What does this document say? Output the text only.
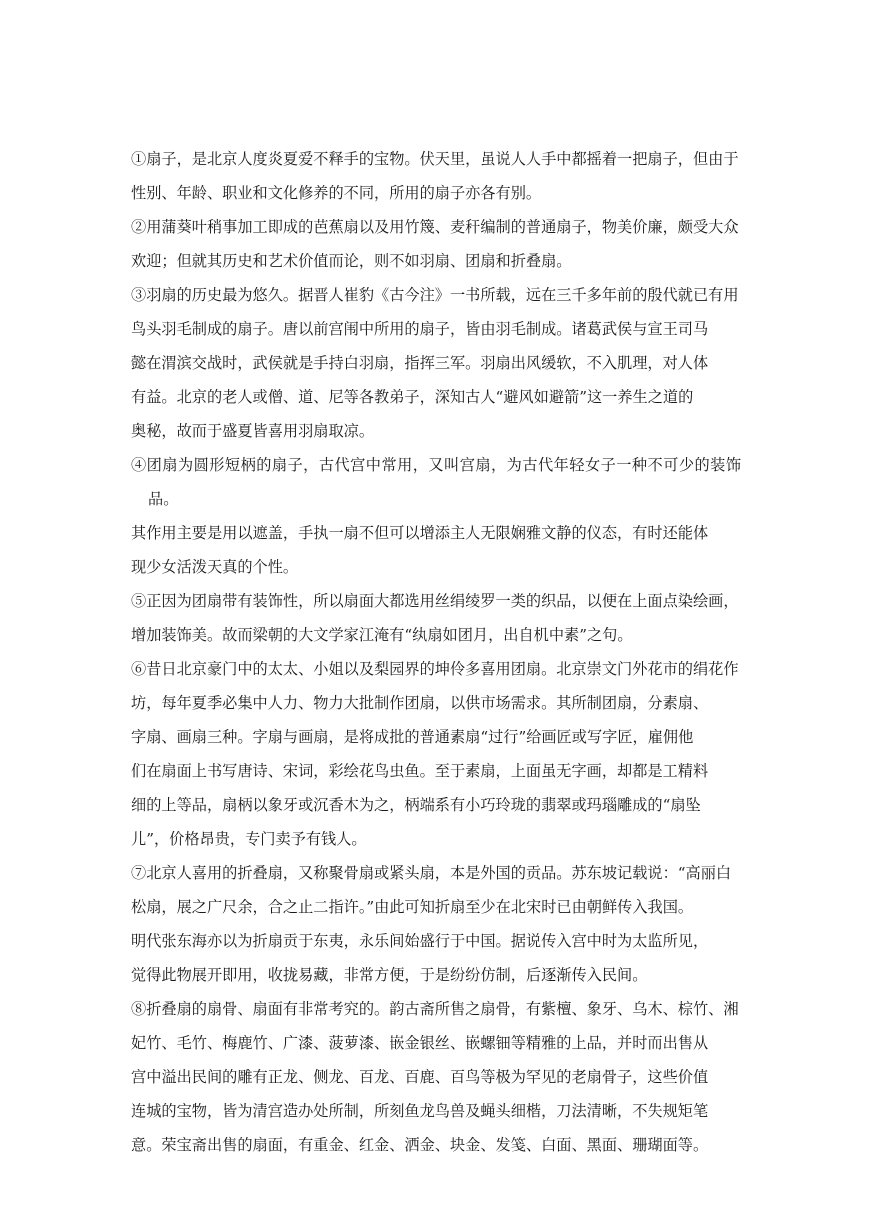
①扇子，是北京人度炎夏爱不释手的宝物。伏天里，虽说人人手中都摇着一把扇子，但由于
性别、年龄、职业和文化修养的不同，所用的扇子亦各有别。

②用蒲葵叶稍事加工即成的芭蕉扇以及用竹篾、麦秆编制的普通扇子，物美价廉，颇受大众
欢迎；但就其历史和艺术价值而论，则不如羽扇、团扇和折叠扇。

③羽扇的历史最为悠久。据晋人崔豹《古今注》一书所载，远在三千多年前的殷代就已有用
鸟头羽毛制成的扇子。唐以前宫闱中所用的扇子，皆由羽毛制成。诸葛武侯与宣王司马
懿在渭滨交战时，武侯就是手持白羽扇，指挥三军。羽扇出风缓软，不入肌理，对人体
有益。北京的老人或僧、道、尼等各教弟子，深知古人“避风如避箭”这一养生之道的
奥秘，故而于盛夏皆喜用羽扇取凉。

④团扇为圆形短柄的扇子，古代宫中常用，又叫宫扇，为古代年轻女子一种不可少的装饰品。
其作用主要是用以遮盖，手执一扇不但可以增添主人无限娴雅文静的仪态，有时还能体
现少女活泼天真的个性。

⑤正因为团扇带有装饰性，所以扇面大都选用丝绢绫罗一类的织品，以便在上面点染绘画，
增加装饰美。故而梁朝的大文学家江淹有“纨扇如团月，出自机中素”之句。

⑥昔日北京豪门中的太太、小姐以及梨园界的坤伶多喜用团扇。北京崇文门外花市的绢花作
坊，每年夏季必集中人力、物力大批制作团扇，以供市场需求。其所制团扇，分素扇、
字扇、画扇三种。字扇与画扇，是将成批的普通素扇“过行”给画匠或写字匠，雇佣他
们在扇面上书写唐诗、宋词，彩绘花鸟虫鱼。至于素扇，上面虽无字画，却都是工精料
细的上等品，扇柄以象牙或沉香木为之，柄端系有小巧玲珑的翡翠或玛瑙雕成的“扇坠
儿”，价格昂贵，专门卖予有钱人。

⑦北京人喜用的折叠扇，又称聚骨扇或紧头扇，本是外国的贡品。苏东坡记载说：“高丽白
松扇，展之广尺余，合之止二指许。”由此可知折扇至少在北宋时已由朝鲜传入我国。
明代张东海亦以为折扇贡于东夷，永乐间始盛行于中国。据说传入宫中时为太监所见，
觉得此物展开即用，收拢易藏，非常方便，于是纷纷仿制，后逐渐传入民间。

⑧折叠扇的扇骨、扇面有非常考究的。韵古斋所售之扇骨，有紫檀、象牙、乌木、棕竹、湘
妃竹、毛竹、梅鹿竹、广漆、菠萝漆、嵌金银丝、嵌螺钿等精雅的上品，并时而出售从
宫中溢出民间的雕有正龙、侧龙、百龙、百鹿、百鸟等极为罕见的老扇骨子，这些价值
连城的宝物，皆为清宫造办处所制，所刻鱼龙鸟兽及蝇头细楷，刀法清晰，不失规矩笔
意。荣宝斋出售的扇面，有重金、红金、洒金、块金、发笺、白面、黑面、珊瑚面等。
